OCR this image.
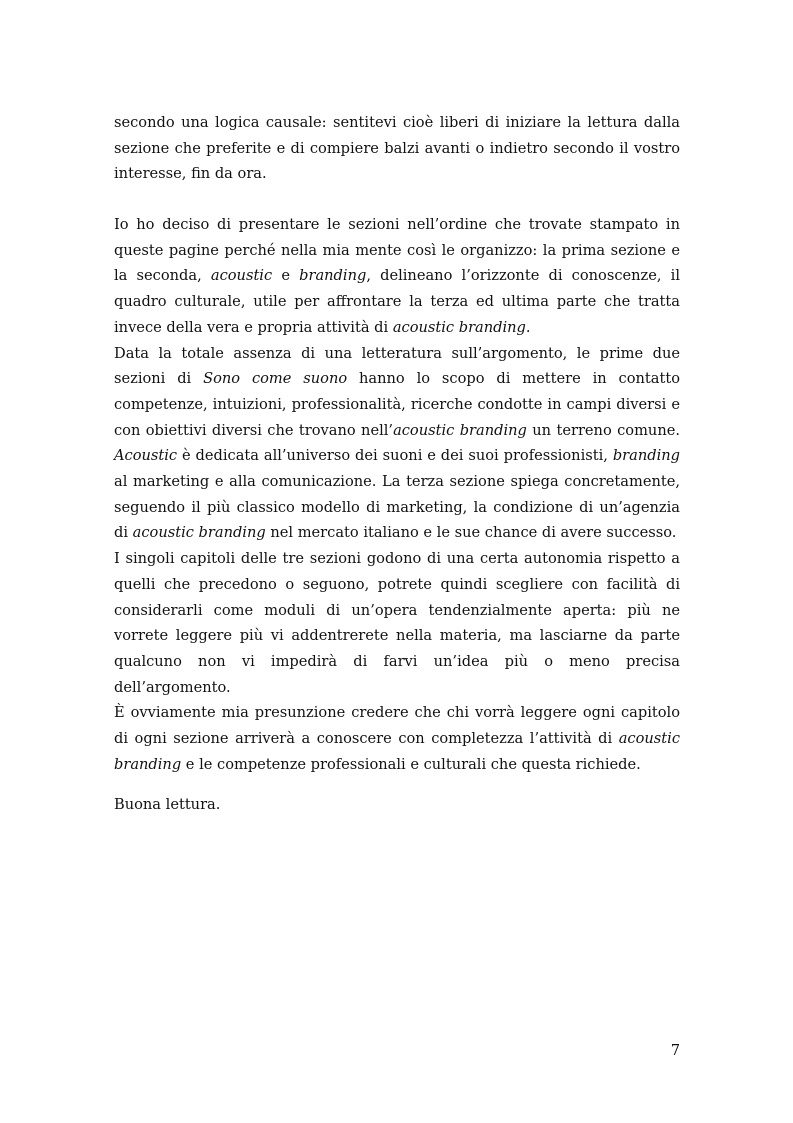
secondo una logica causale: sentitevi cioè liberi di iniziare la lettura dalla sezione che preferite e di compiere balzi avanti o indietro secondo il vostro interesse, fin da ora.

Io ho deciso di presentare le sezioni nell’ordine che trovate stampato in queste pagine perché nella mia mente così le organizzo: la prima sezione e la seconda, acoustic e branding, delineano l’orizzonte di conoscenze, il quadro culturale, utile per affrontare la terza ed ultima parte che tratta invece della vera e propria attività di acoustic branding.

Data la totale assenza di una letteratura sull’argomento, le prime due sezioni di Sono come suono hanno lo scopo di mettere in contatto competenze, intuizioni, professionalità, ricerche condotte in campi diversi e con obiettivi diversi che trovano nell’acoustic branding un terreno comune. Acoustic è dedicata all’universo dei suoni e dei suoi professionisti, branding al marketing e alla comunicazione. La terza sezione spiega concretamente, seguendo il più classico modello di marketing, la condizione di un’agenzia di acoustic branding nel mercato italiano e le sue chance di avere successo.

I singoli capitoli delle tre sezioni godono di una certa autonomia rispetto a quelli che precedono o seguono, potrete quindi scegliere con facilità di considerarli come moduli di un’opera tendenzialmente aperta: più ne vorrete leggere più vi addentrerete nella materia, ma lasciarne da parte qualcuno non vi impedirà di farvi un’idea più o meno precisa dell’argomento.

È ovviamente mia presunzione credere che chi vorrà leggere ogni capitolo di ogni sezione arriverà a conoscere con completezza l’attività di acoustic branding e le competenze professionali e culturali che questa richiede.

Buona lettura.

7
